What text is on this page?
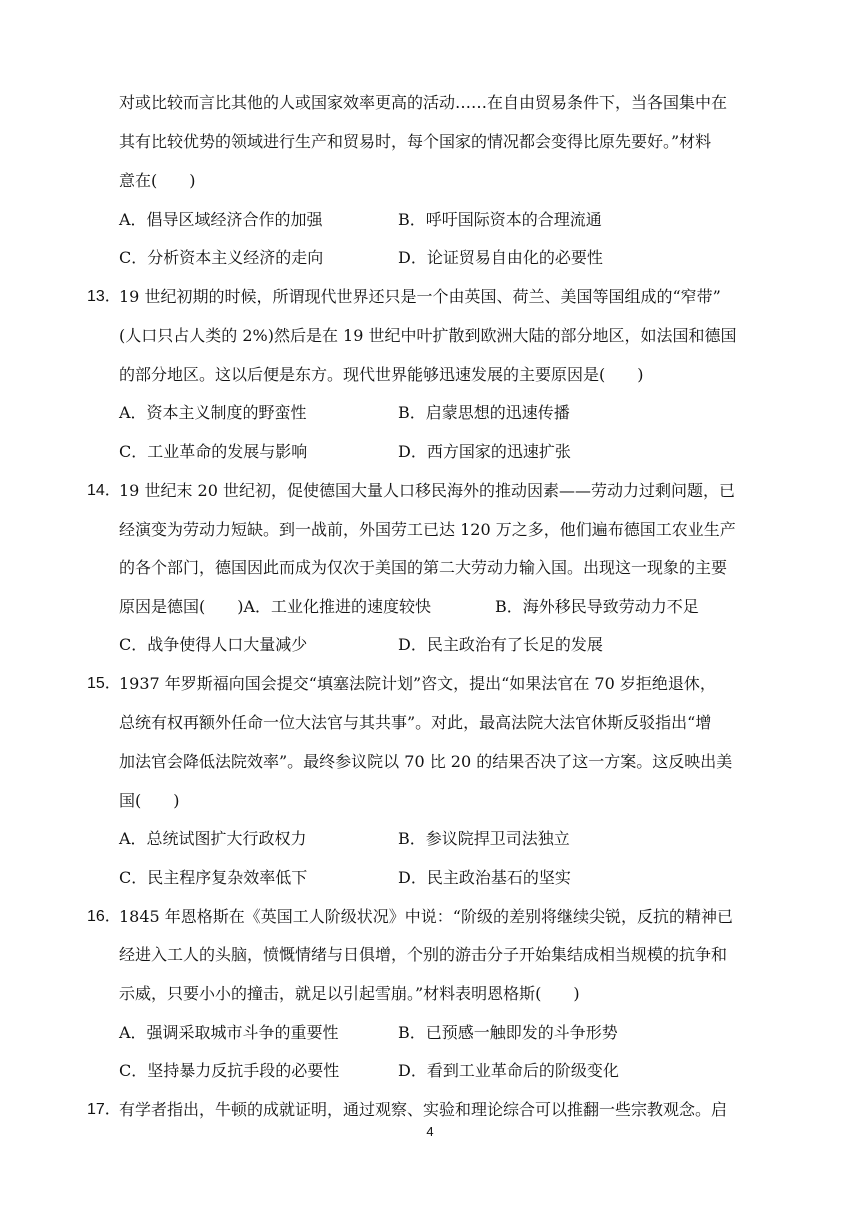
对或比较而言比其他的人或国家效率更高的活动……在自由贸易条件下，当各国集中在
其有比较优势的领域进行生产和贸易时，每个国家的情况都会变得比原先要好。”材料
意在(　　)
A．倡导区域经济合作的加强	B．呼吁国际资本的合理流通
C．分析资本主义经济的走向	D．论证贸易自由化的必要性
13．
19 世纪初期的时候，所谓现代世界还只是一个由英国、荷兰、美国等国组成的“窄带”
(人口只占人类的 2%)然后是在 19 世纪中叶扩散到欧洲大陆的部分地区，如法国和德国
的部分地区。这以后便是东方。现代世界能够迅速发展的主要原因是(　　)
A．资本主义制度的野蛮性	B．启蒙思想的迅速传播
C．工业革命的发展与影响	D．西方国家的迅速扩张
14．
19 世纪末 20 世纪初，促使德国大量人口移民海外的推动因素——劳动力过剩问题，已
经演变为劳动力短缺。到一战前，外国劳工已达 120 万之多，他们遍布德国工农业生产
的各个部门，德国因此而成为仅次于美国的第二大劳动力输入国。出现这一现象的主要
原因是德国(　　)A．工业化推进的速度较快　　　　B．海外移民导致劳动力不足
C．战争使得人口大量减少	D．民主政治有了长足的发展
15．
1937 年罗斯福向国会提交“填塞法院计划”咨文，提出“如果法官在 70 岁拒绝退休，
总统有权再额外任命一位大法官与其共事”。对此，最高法院大法官休斯反驳指出“增
加法官会降低法院效率”。最终参议院以 70 比 20 的结果否决了这一方案。这反映出美
国(　　)
A．总统试图扩大行政权力	B．参议院捍卫司法独立
C．民主程序复杂效率低下	D．民主政治基石的坚实
16．
1845 年恩格斯在《英国工人阶级状况》中说：“阶级的差别将继续尖锐，反抗的精神已
经进入工人的头脑，愤慨情绪与日俱增，个别的游击分子开始集结成相当规模的抗争和
示威，只要小小的撞击，就足以引起雪崩。”材料表明恩格斯(　　)
A．强调采取城市斗争的重要性	B．已预感一触即发的斗争形势
C．坚持暴力反抗手段的必要性	D．看到工业革命后的阶级变化
17．
有学者指出，牛顿的成就证明，通过观察、实验和理论综合可以推翻一些宗教观念。启
4
